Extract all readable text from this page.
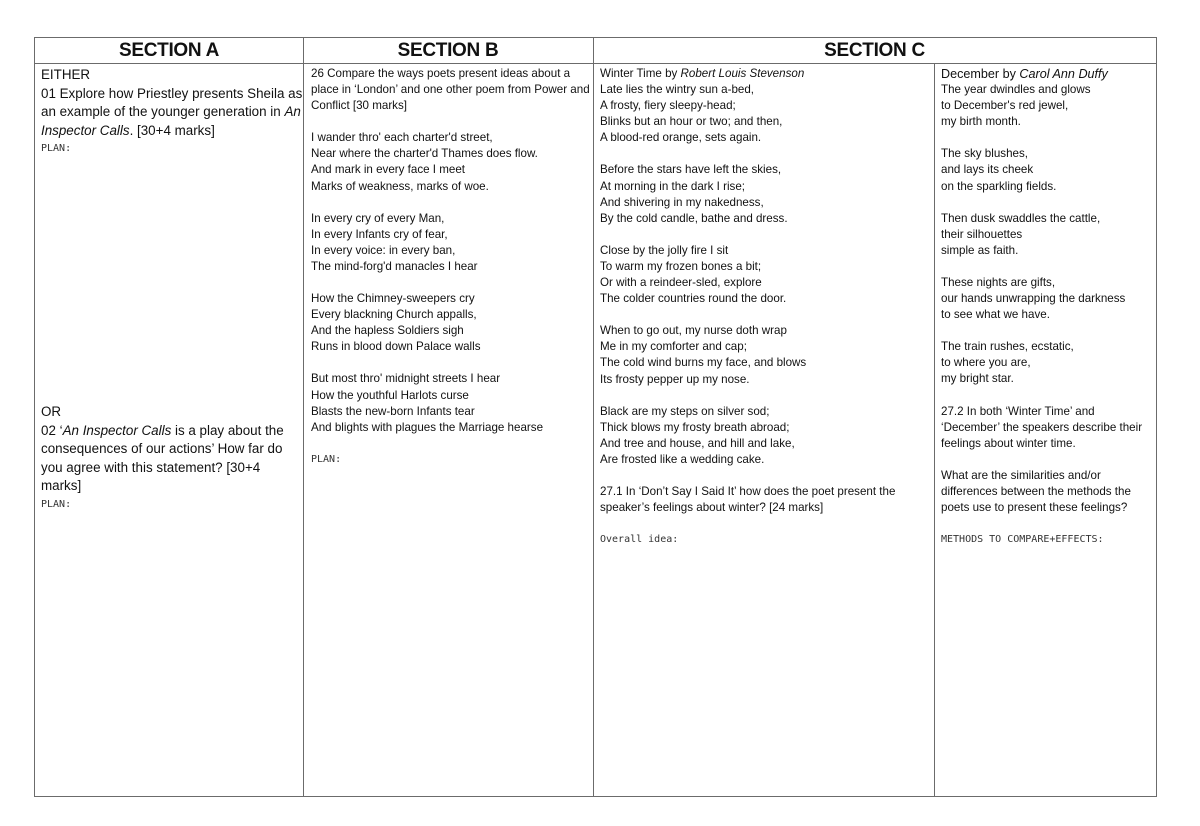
SECTION A	SECTION B	SECTION C

EITHER

01 Explore how Priestley presents Sheila as an example of the younger generation in An Inspector Calls. [30+4 marks]

PLAN:

OR

02 ‘An Inspector Calls is a play about the consequences of our actions’ How far do you agree with this statement? [30+4 marks]

PLAN:

26 Compare the ways poets present ideas about a place in ‘London’ and one other poem from Power and Conflict [30 marks]

I wander thro' each charter'd street,

Near where the charter'd Thames does flow.

And mark in every face I meet

Marks of weakness, marks of woe.

In every cry of every Man,

In every Infants cry of fear,

In every voice: in every ban,

The mind-forg'd manacles I hear

How the Chimney-sweepers cry

Every blackning Church appalls,

And the hapless Soldiers sigh

Runs in blood down Palace walls

But most thro' midnight streets I hear

How the youthful Harlots curse

Blasts the new-born Infants tear

And blights with plagues the Marriage hearse

PLAN:

Winter Time by Robert Louis Stevenson

Late lies the wintry sun a-bed,

A frosty, fiery sleepy-head;

Blinks but an hour or two; and then,

A blood-red orange, sets again.

Before the stars have left the skies,

At morning in the dark I rise;

And shivering in my nakedness,

By the cold candle, bathe and dress.

Close by the jolly fire I sit

To warm my frozen bones a bit;

Or with a reindeer-sled, explore

The colder countries round the door.

When to go out, my nurse doth wrap

Me in my comforter and cap;

The cold wind burns my face, and blows

Its frosty pepper up my nose.

Black are my steps on silver sod;

Thick blows my frosty breath abroad;

And tree and house, and hill and lake,

Are frosted like a wedding cake.

27.1 In ‘Don’t Say I Said It’ how does the poet present the speaker’s feelings about winter? [24 marks]

Overall idea:

December by Carol Ann Duffy

The year dwindles and glows

to December's red jewel,

my birth month.

The sky blushes,

and lays its cheek

on the sparkling fields.

Then dusk swaddles the cattle,

their silhouettes

simple as faith.

These nights are gifts,

our hands unwrapping the darkness

to see what we have.

The train rushes, ecstatic,

to where you are,

my bright star.

27.2 In both ‘Winter Time’ and ‘December’ the speakers describe their feelings about winter time.

What are the similarities and/or differences between the methods the poets use to present these feelings?

METHODS TO COMPARE+EFFECTS:
